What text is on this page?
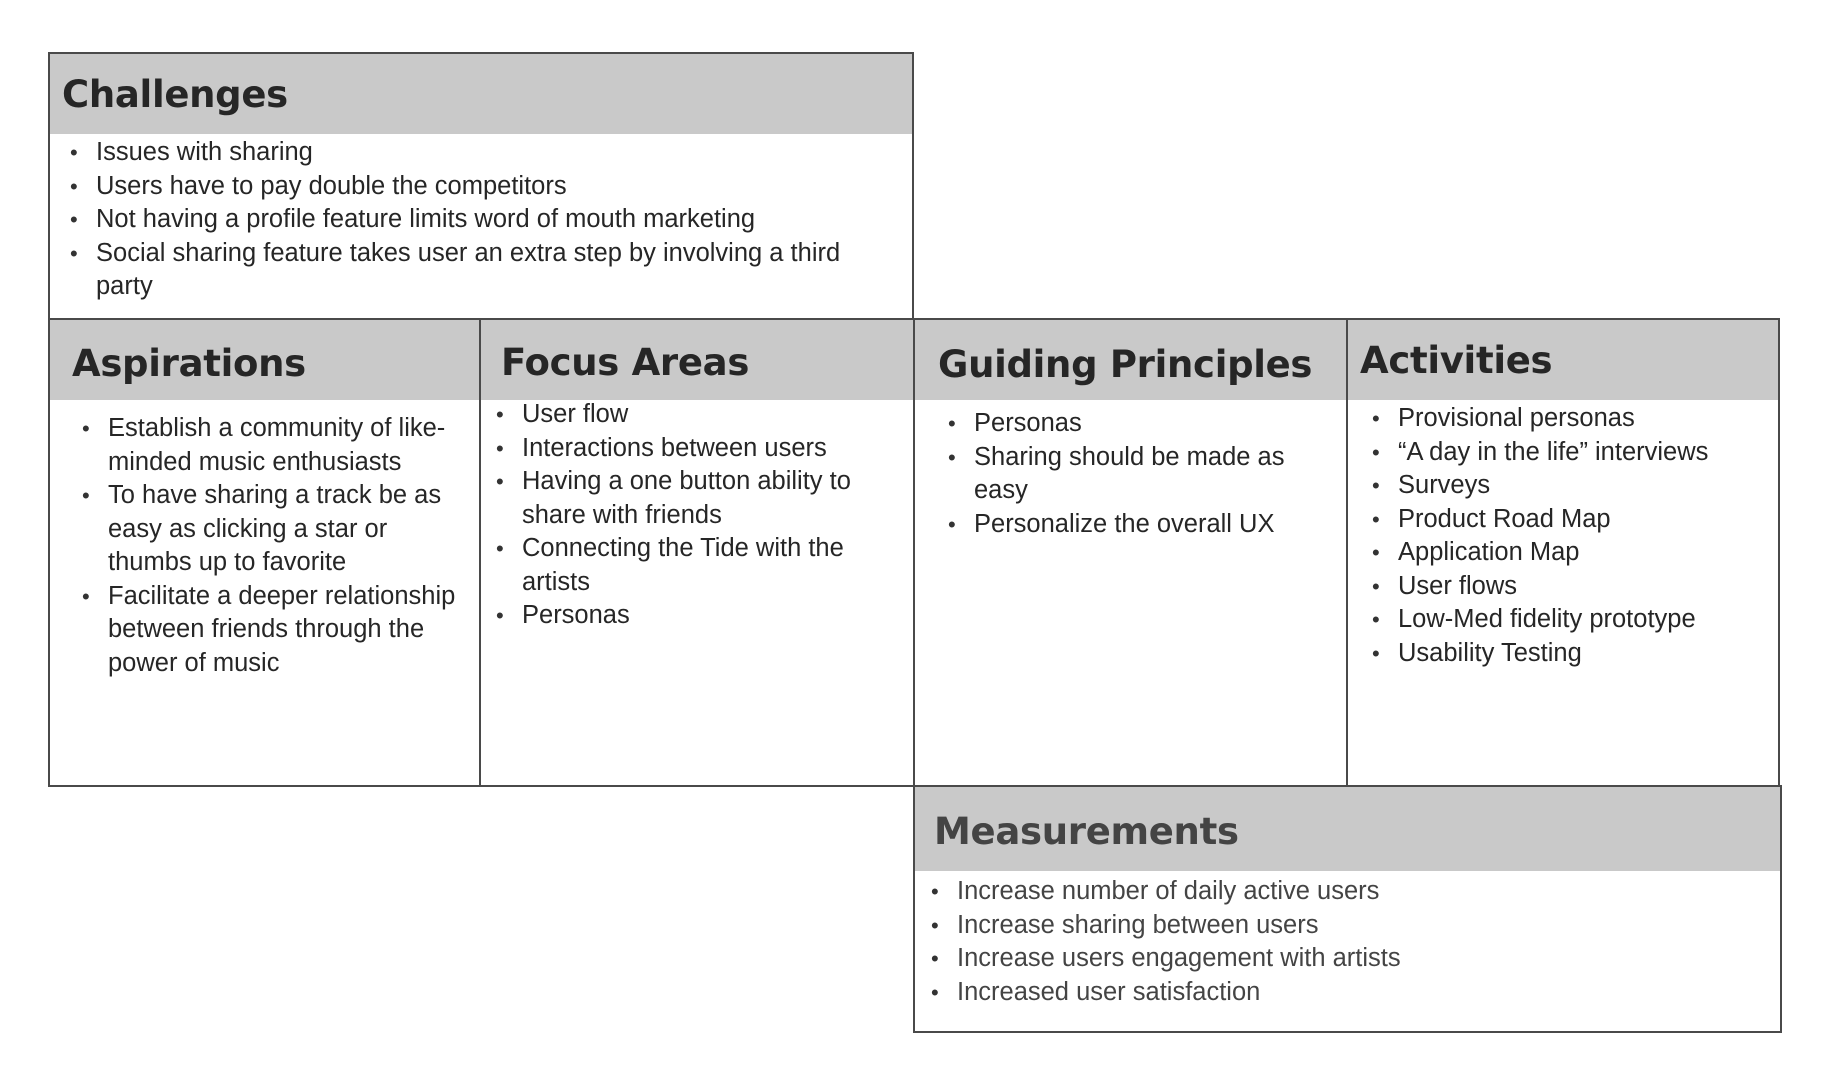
Challenges
• Issues with sharing
• Users have to pay double the competitors
• Not having a profile feature limits word of mouth marketing
• Social sharing feature takes user an extra step by involving a third party
Aspirations
• Establish a community of like-minded music enthusiasts
• To have sharing a track be as easy as clicking a star or thumbs up to favorite
• Facilitate a deeper relationship between friends through the power of music
Focus Areas
• User flow
• Interactions between users
• Having a one button ability to share with friends
• Connecting the Tide with the artists
• Personas
Guiding Principles
• Personas
• Sharing should be made as easy
• Personalize the overall UX
Activities
• Provisional personas
• “A day in the life” interviews
• Surveys
• Product Road Map
• Application Map
• User flows
• Low-Med fidelity prototype
• Usability Testing
Measurements
• Increase number of daily active users
• Increase sharing between users
• Increase users engagement with artists
• Increased user satisfaction
